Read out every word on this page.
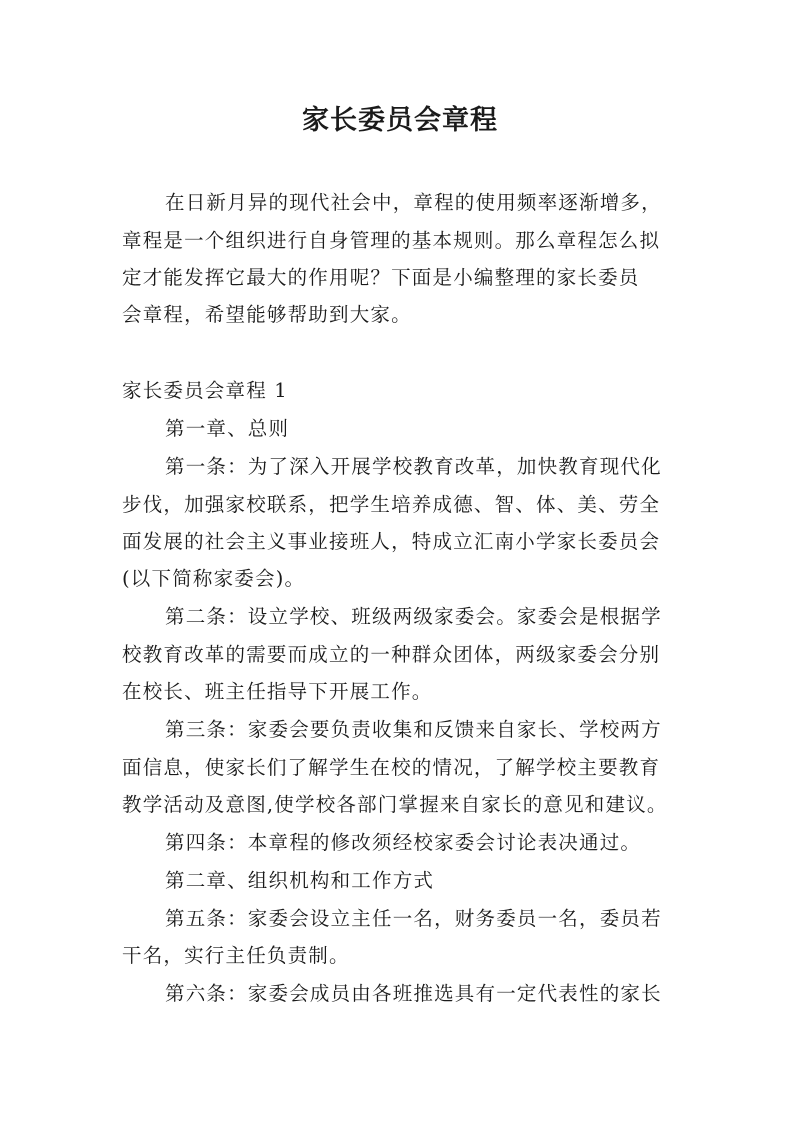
家长委员会章程
在日新月异的现代社会中，章程的使用频率逐渐增多，
章程是一个组织进行自身管理的基本规则。那么章程怎么拟
定才能发挥它最大的作用呢？下面是小编整理的家长委员
会章程，希望能够帮助到大家。
家长委员会章程 1
第一章、总则
第一条：为了深入开展学校教育改革，加快教育现代化
步伐，加强家校联系，把学生培养成德、智、体、美、劳全
面发展的社会主义事业接班人，特成立汇南小学家长委员会
(以下简称家委会)。
第二条：设立学校、班级两级家委会。家委会是根据学
校教育改革的需要而成立的一种群众团体，两级家委会分别
在校长、班主任指导下开展工作。
第三条：家委会要负责收集和反馈来自家长、学校两方
面信息，使家长们了解学生在校的情况，了解学校主要教育
教学活动及意图,使学校各部门掌握来自家长的意见和建议。
第四条：本章程的修改须经校家委会讨论表决通过。
第二章、组织机构和工作方式
第五条：家委会设立主任一名，财务委员一名，委员若
干名，实行主任负责制。
第六条：家委会成员由各班推选具有一定代表性的家长
